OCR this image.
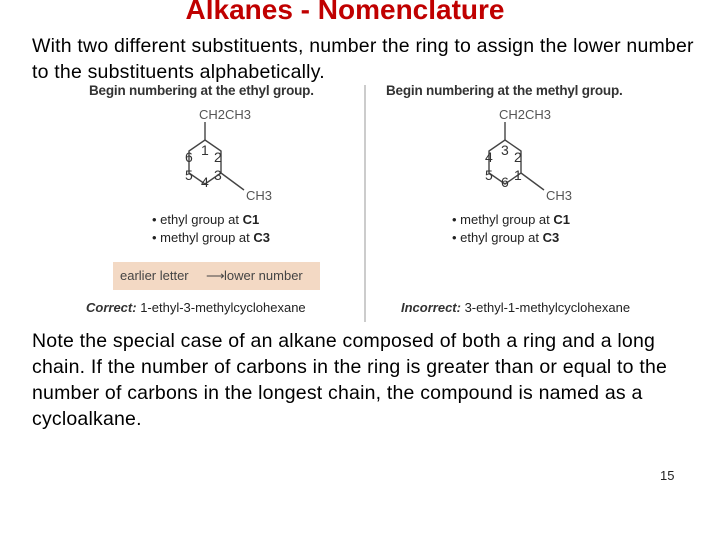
Alkanes - Nomenclature
With two different substituents, number the ring to assign the lower number to the substituents alphabetically.
Begin numbering at the ethyl group.	Begin numbering at the methyl group.
CH2CH3
CH3
1 2
3
4
5
6
CH2CH3
CH3
1
2
3
4
5 6
• ethyl group at C1
• methyl group at C3
• methyl group at C1
• ethyl group at C3
earlier letter ⟶ lower number
Correct: 1-ethyl-3-methylcyclohexane	Incorrect: 3-ethyl-1-methylcyclohexane
Note the special case of an alkane composed of both a ring and a long chain. If the number of carbons in the ring is greater than or equal to the number of carbons in the longest chain, the compound is named as a cycloalkane.
15
